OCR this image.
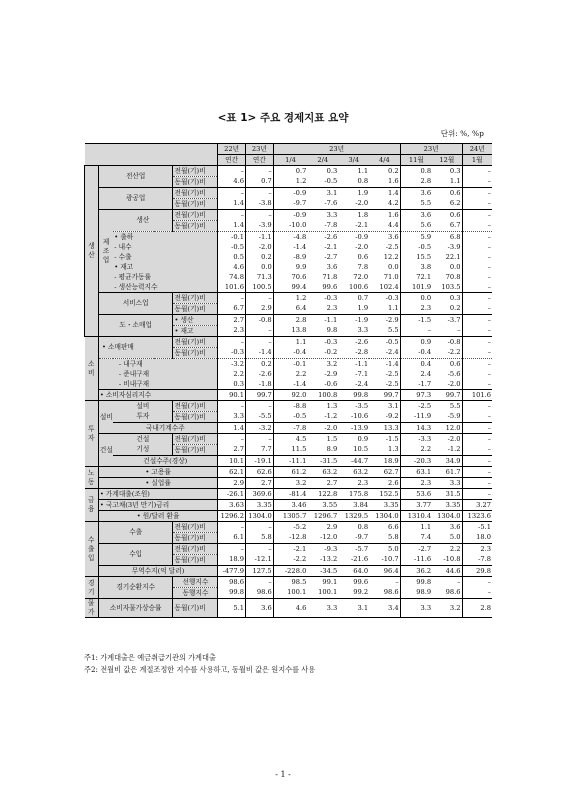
<표 1> 주요 경제지표 요약
단위: %, %p
				22년	23년	23년				23년		24년
				연간	연간	1/4	2/4	3/4	4/4	11월	12월	1월
생
산	전산업		전월(기)비	–	–	0.7	0.3	1.1	0.2	0.8	0.3	–
			동월(기)비	4.6	0.7	1.2	-0.5	0.8	1.6	2.8	1.1	–
	광공업		전월(기)비	–	–	-0.9	3.1	1.9	1.4	3.6	0.6	–
			동월(기)비	1.4	-3.8	-9.7	-7.6	-2.0	4.2	5.5	6.2	–
	제
조
업	생산	전월(기)비	–	–	-0.9	3.3	1.8	1.6	3.6	0.6	–
			동월(기)비	1.4	-3.9	-10.0	-7.8	-2.1	4.4	5.6	6.7	–
		• 출하		-0.1	-1.1	-4.8	-2.6	-0.9	3.6	5.9	6.8	–
		- 내수		-0.5	-2.0	-1.4	-2.1	-2.0	-2.5	-0.5	-3.9	–
		- 수출		0.5	0.2	-8.9	-2.7	0.6	12.2	15.5	22.1	–
		• 재고		4.6	0.0	9.9	3.6	7.8	0.0	3.8	0.0	–
		- 평균가동률		74.8	71.3	70.6	71.8	72.0	71.0	72.1	70.8	–
		- 생산능력지수		101.6	100.5	99.4	99.6	100.6	102.4	101.9	103.5	–
	서비스업		전월(기)비	–	–	1.2	-0.3	0.7	-0.3	0.0	0.3	–
			동월(기)비	6.7	2.9	6.4	2.3	1.9	1.1	2.3	0.2	–
	도・소매업		• 생산	2.7	-0.8	2.8	-1.1	-1.9	-2.9	-1.5	-3.7	–
			• 재고	2.3	–	13.8	9.8	3.3	5.5	–	–	–
소
비	• 소매판매		전월(기)비	–	–	1.1	-0.3	-2.6	-0.5	0.9	-0.8	–
			동월(기)비	-0.3	-1.4	-0.4	-0.2	-2.8	-2.4	-0.4	-2.2	–
	- 내구재			-3.2	0.2	-0.1	3.2	-1.1	-1.4	0.4	0.6	–
	- 준내구재			2.2	-2.6	2.2	-2.9	-7.1	-2.5	2.4	-5.6	–
	- 비내구재			0.3	-1.8	-1.4	-0.6	-2.4	-2.5	-1.7	-2.0	–
	• 소비자심리지수			90.1	99.7	92.0	100.8	99.8	99.7	97.3	99.7	101.6
투
자	설비	설비	전월(기)비	–	–	-8.8	1.3	-3.5	3.1	-2.5	5.5	–
		투자	동월(기)비	3.3	-5.5	-0.5	-1.2	-10.6	-9.2	-11.9	-5.9	–
		국내기계수주		1.4	-3.2	-7.8	-2.0	-13.9	13.3	14.3	12.0	–
	건설	건설	전월(기)비	–	–	4.5	1.5	0.9	-1.5	-3.3	-2.0	–
		기성	동월(기)비	2.7	7.7	11.5	8.9	10.5	1.3	2.2	-1.2	–
		건설수주(경상)		10.1	-19.1	-11.1	-31.5	-44.7	18.9	-20.3	34.9	–
노
동	• 고용률			62.1	62.6	61.2	63.2	63.2	62.7	63.1	61.7	–
	• 실업률			2.9	2.7	3.2	2.7	2.3	2.6	2.3	3.3	–
금
융	• 가계대출(조원)			-26.1	369.6	-81.4	122.8	175.8	152.5	53.6	31.5	–
	• 국고채(3년 만기)금리			3.63	3.35	3.46	3.55	3.84	3.35	3.77	3.35	3.27
	• 원/달러 환율			1296.2	1304.0	1305.7	1296.7	1329.5	1304.0	1310.4	1304.0	1323.6
수
출
입	수출		전월(기)비	–	–	-5.2	2.9	0.8	6.6	1.1	3.6	-5.1
			동월(기)비	6.1	5.8	-12.8	-12.0	-9.7	5.8	7.4	5.0	18.0
	수입		전월(기)비	–	–	-2.1	-9.3	-5.7	5.0	-2.7	2.2	2.3
			동월(기)비	18.9	-12.1	-2.2	-13.2	-21.6	-10.7	-11.6	-10.8	-7.8
	무역수지(억 달러)			-477.9	127.5	-228.0	-34.5	64.0	96.4	36.2	44.6	29.8
경
기	경기순환지수		선행지수	98.6	–	98.5	99.1	99.6	–	99.8	–	–
			동행지수	99.8	98.6	100.1	100.1	99.2	98.6	98.9	98.6	–
물
가	소비자물가상승률		동월(기)비	5.1	3.6	4.6	3.3	3.1	3.4	3.3	3.2	2.8
주1: 가계대출은 예금취급기관의 가계대출
주2: 전월비 값은 계절조정한 지수를 사용하고, 동월비 값은 원지수를 사용
- 1 -
